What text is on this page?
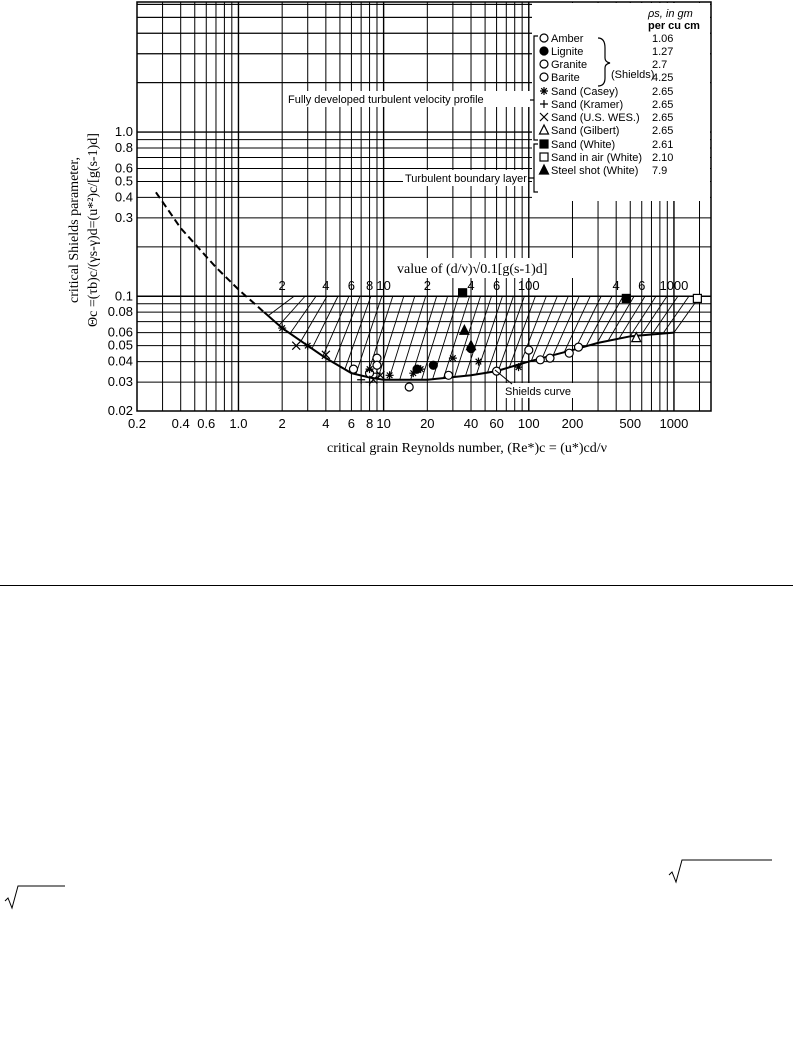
0.2 0.4 0.6 1.0 2	4 6 8 10 20 40 60 100 200	500 1000
0.02
0.03
0.04
0.05
0.06
0.08
0.1
0.3
0.4
0.5
0.6
0.8
1.0
2	4 6 8 10	2	4 6 100	4 6 1000
ρs, in gm
per cu cm
Amber	1.06
Lignite	1.27
Granite	2.7
Barite	4.25
Sand (Casey)	2.65
Sand (Kramer)	2.65
Sand (U.S. WES.) 2.65
Sand (Gilbert)	2.65
Sand (White)	2.61
Sand in air (White) 2.10
Steel shot (White) 7.9
(Shields)
Fully developed turbulent velocity profile
Turbulent boundary layer
critical grain Reynolds number, (Re*)c = (u*)cd/ν
critical Shields parameter, Θc =(τb)c/(γs-γ)d=(u*²)c/[g(s-1)d]	value of (d/ν)√0.1[g(s-1)d]
Shields curve
